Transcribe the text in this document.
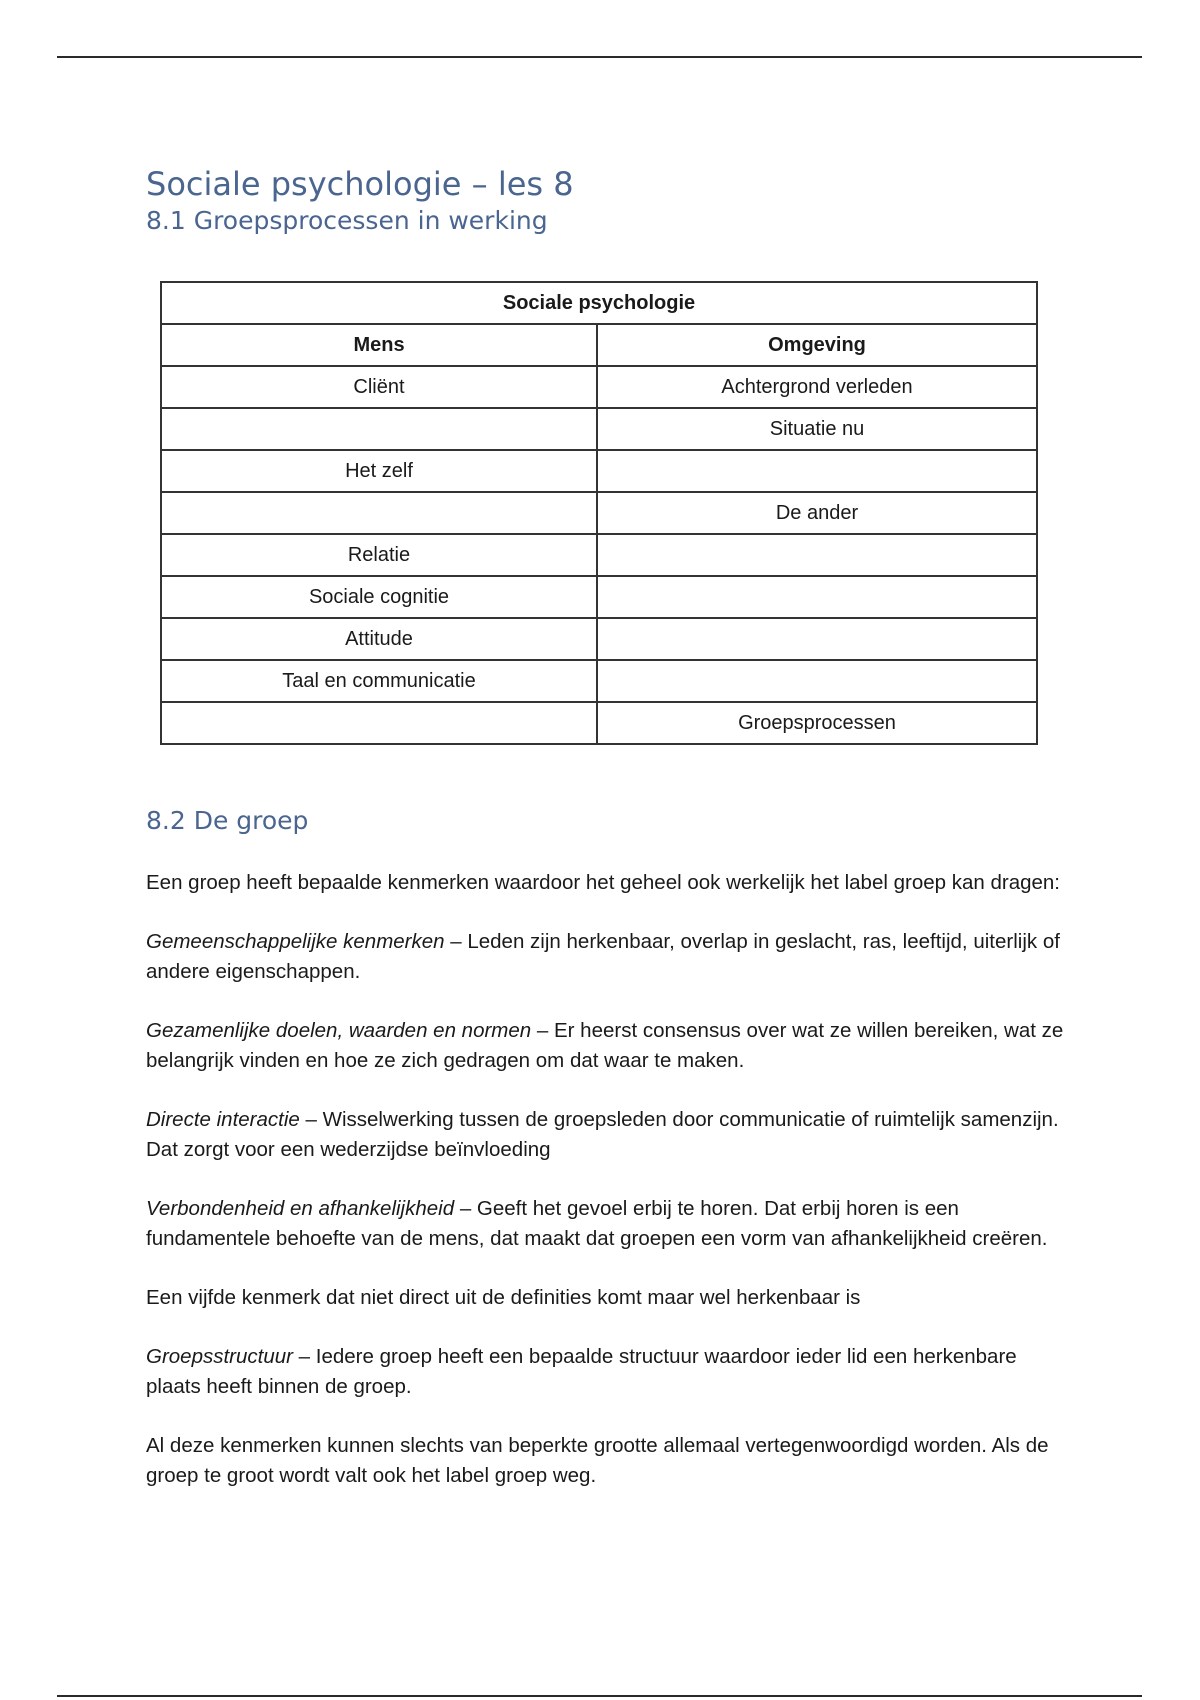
Sociale psychologie – les 8
8.1 Groepsprocessen in werking
Sociale psychologie	
Mens	Omgeving
Cliënt	Achtergrond verleden
	Situatie nu
Het zelf	
	De ander
Relatie	
Sociale cognitie	
Attitude	
Taal en communicatie	
	Groepsprocessen
8.2 De groep

Een groep heeft bepaalde kenmerken waardoor het geheel ook werkelijk het label groep kan dragen:

Gemeenschappelijke kenmerken – Leden zijn herkenbaar, overlap in geslacht, ras, leeftijd, uiterlijk of andere eigenschappen.

Gezamenlijke doelen, waarden en normen – Er heerst consensus over wat ze willen bereiken, wat ze belangrijk vinden en hoe ze zich gedragen om dat waar te maken.

Directe interactie – Wisselwerking tussen de groepsleden door communicatie of ruimtelijk samenzijn. Dat zorgt voor een wederzijdse beïnvloeding

Verbondenheid en afhankelijkheid – Geeft het gevoel erbij te horen. Dat erbij horen is een fundamentele behoefte van de mens, dat maakt dat groepen een vorm van afhankelijkheid creëren.

Een vijfde kenmerk dat niet direct uit de definities komt maar wel herkenbaar is

Groepsstructuur – Iedere groep heeft een bepaalde structuur waardoor ieder lid een herkenbare plaats heeft binnen de groep.

Al deze kenmerken kunnen slechts van beperkte grootte allemaal vertegenwoordigd worden. Als de groep te groot wordt valt ook het label groep weg.
